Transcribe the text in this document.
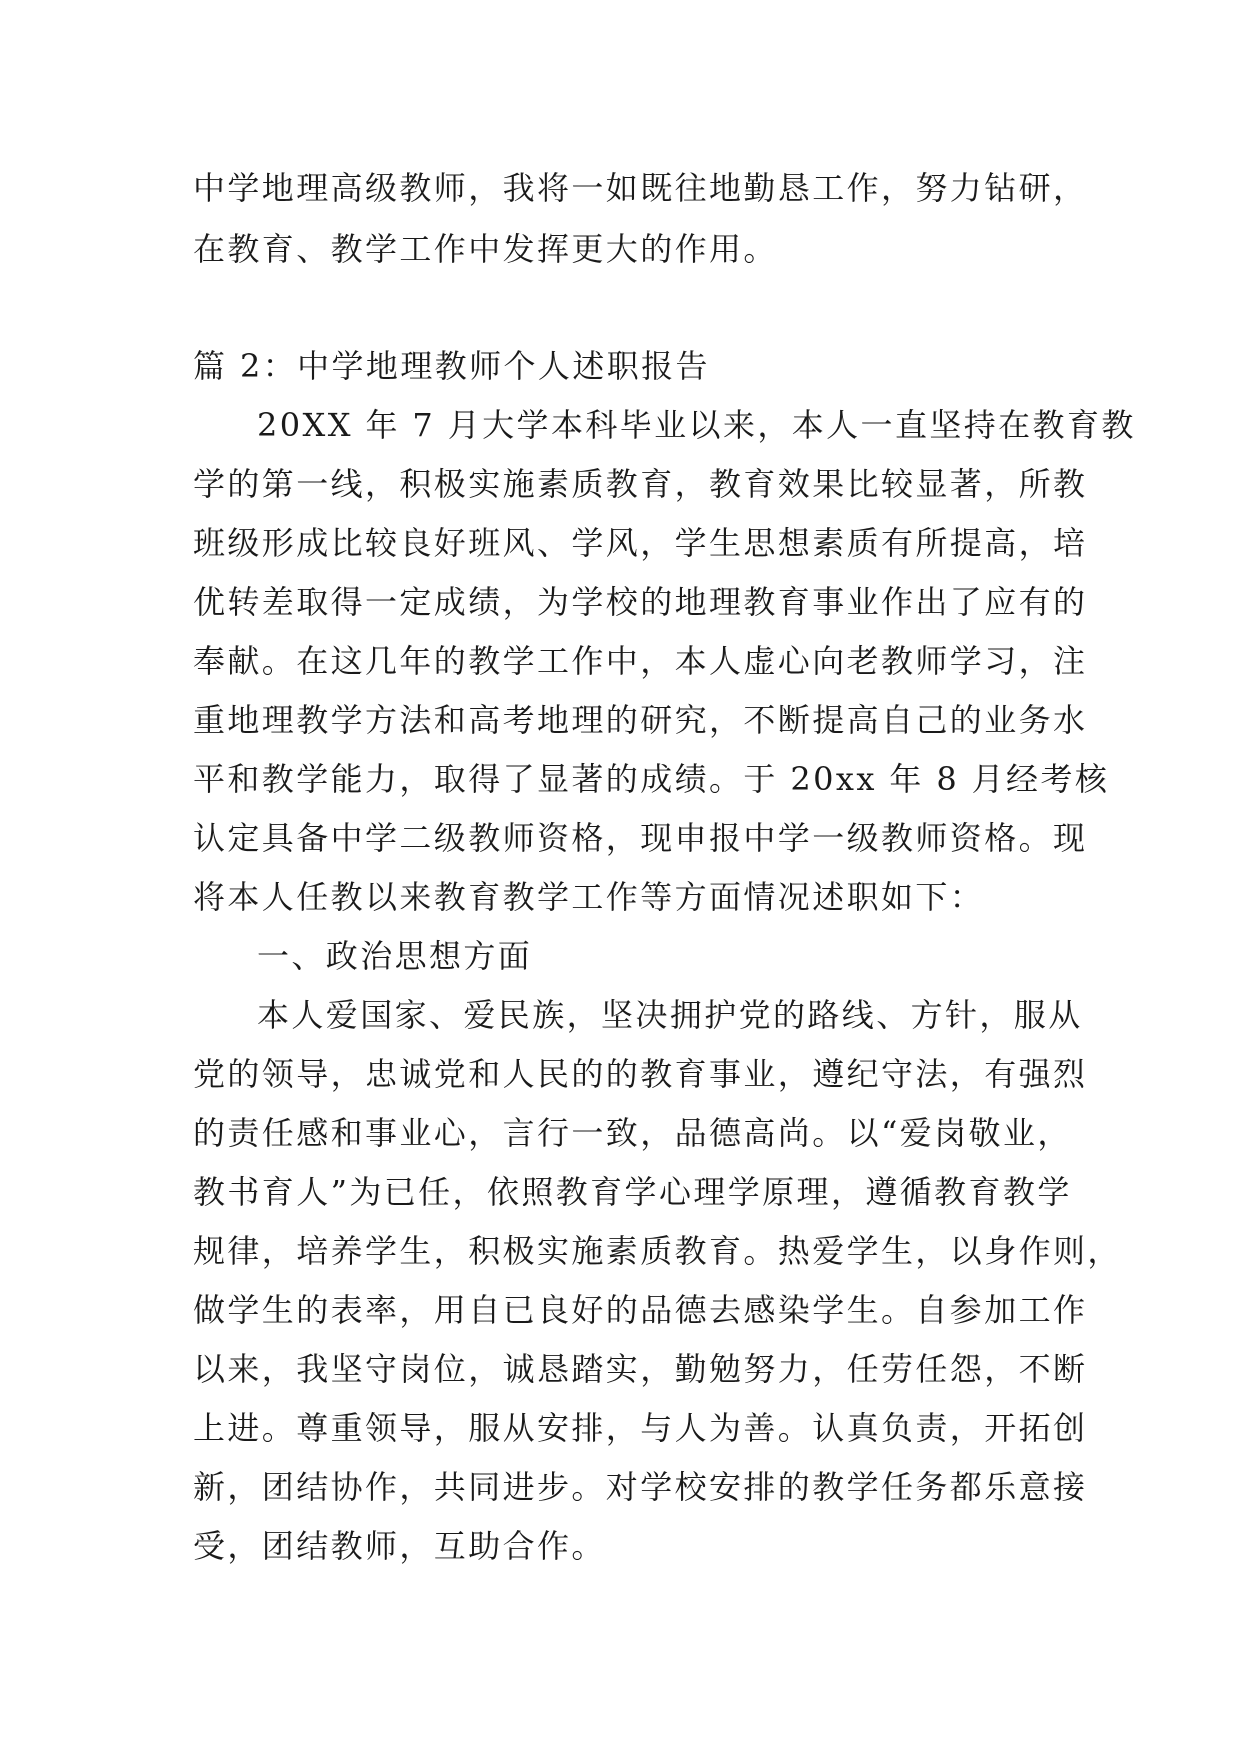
中学地理高级教师，我将一如既往地勤恳工作，努力钻研，
在教育、教学工作中发挥更大的作用。
篇 2：中学地理教师个人述职报告
20XX 年 7 月大学本科毕业以来，本人一直坚持在教育教
学的第一线，积极实施素质教育，教育效果比较显著，所教
班级形成比较良好班风、学风，学生思想素质有所提高，培
优转差取得一定成绩，为学校的地理教育事业作出了应有的
奉献。在这几年的教学工作中，本人虚心向老教师学习，注
重地理教学方法和高考地理的研究，不断提高自己的业务水
平和教学能力，取得了显著的成绩。于 20xx 年 8 月经考核
认定具备中学二级教师资格，现申报中学一级教师资格。现
将本人任教以来教育教学工作等方面情况述职如下：
一、政治思想方面
本人爱国家、爱民族，坚决拥护党的路线、方针，服从
党的领导，忠诚党和人民的的教育事业，遵纪守法，有强烈
的责任感和事业心，言行一致，品德高尚。以“爱岗敬业，
教书育人”为已任，依照教育学心理学原理，遵循教育教学
规律，培养学生，积极实施素质教育。热爱学生，以身作则，
做学生的表率，用自已良好的品德去感染学生。自参加工作
以来，我坚守岗位，诚恳踏实，勤勉努力，任劳任怨，不断
上进。尊重领导，服从安排，与人为善。认真负责，开拓创
新，团结协作，共同进步。对学校安排的教学任务都乐意接
受，团结教师，互助合作。
